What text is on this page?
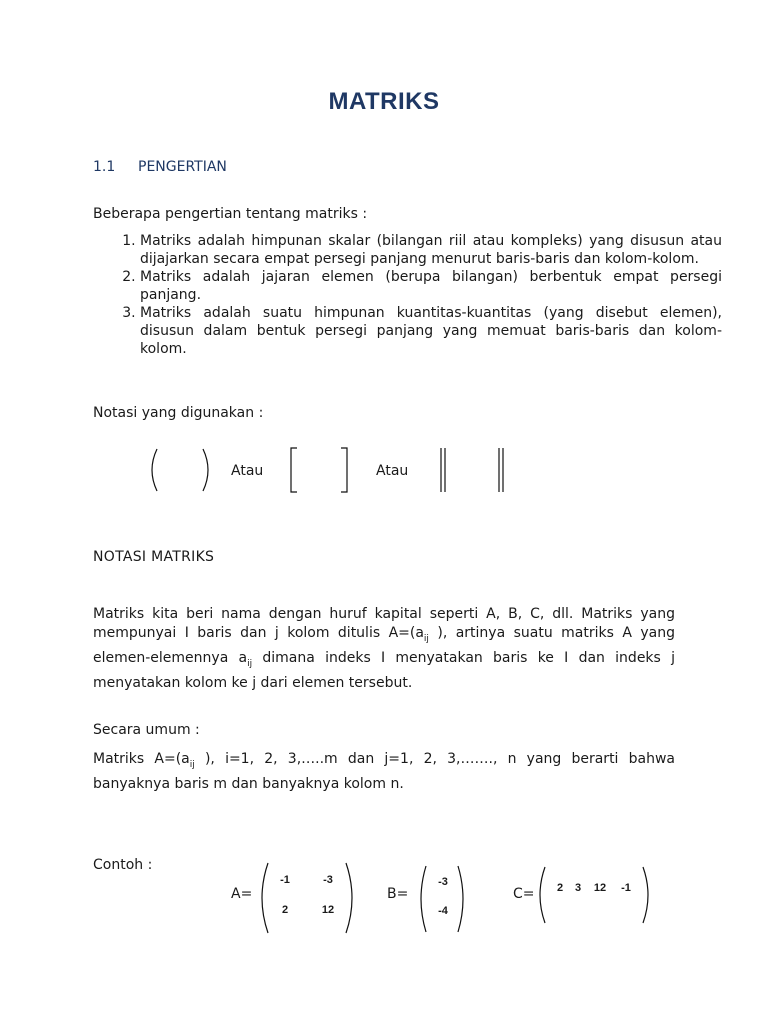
MATRIKS
1.1 PENGERTIAN
Beberapa pengertian tentang matriks :
1. Matriks adalah himpunan skalar (bilangan riil atau kompleks) yang disusun atau dijajarkan secara empat persegi panjang menurut baris-baris dan kolom-kolom.
2. Matriks adalah jajaran elemen (berupa bilangan) berbentuk empat persegi panjang.
3. Matriks adalah suatu himpunan kuantitas-kuantitas (yang disebut elemen), disusun dalam bentuk persegi panjang yang memuat baris-baris dan kolom-kolom.
Notasi yang digunakan :
Atau	Atau
NOTASI MATRIKS
Matriks kita beri nama dengan huruf kapital seperti A, B, C, dll. Matriks yang mempunyai I baris dan j kolom ditulis $A=(a_{ij}$ ), artinya suatu matriks A yang elemen-elemennya $a_{ij}$ dimana indeks I menyatakan baris ke I dan indeks j menyatakan kolom ke j dari elemen tersebut.
Secara umum :
Matriks $A=(a_{ij}$ ), i=1, 2, 3,…..m dan j=1, 2, 3,……., n yang berarti bahwa banyaknya baris m dan banyaknya kolom n.
Contoh :
A=
-1	-3
2	12
B=
-3
-4
C=	2	3	12	-1
